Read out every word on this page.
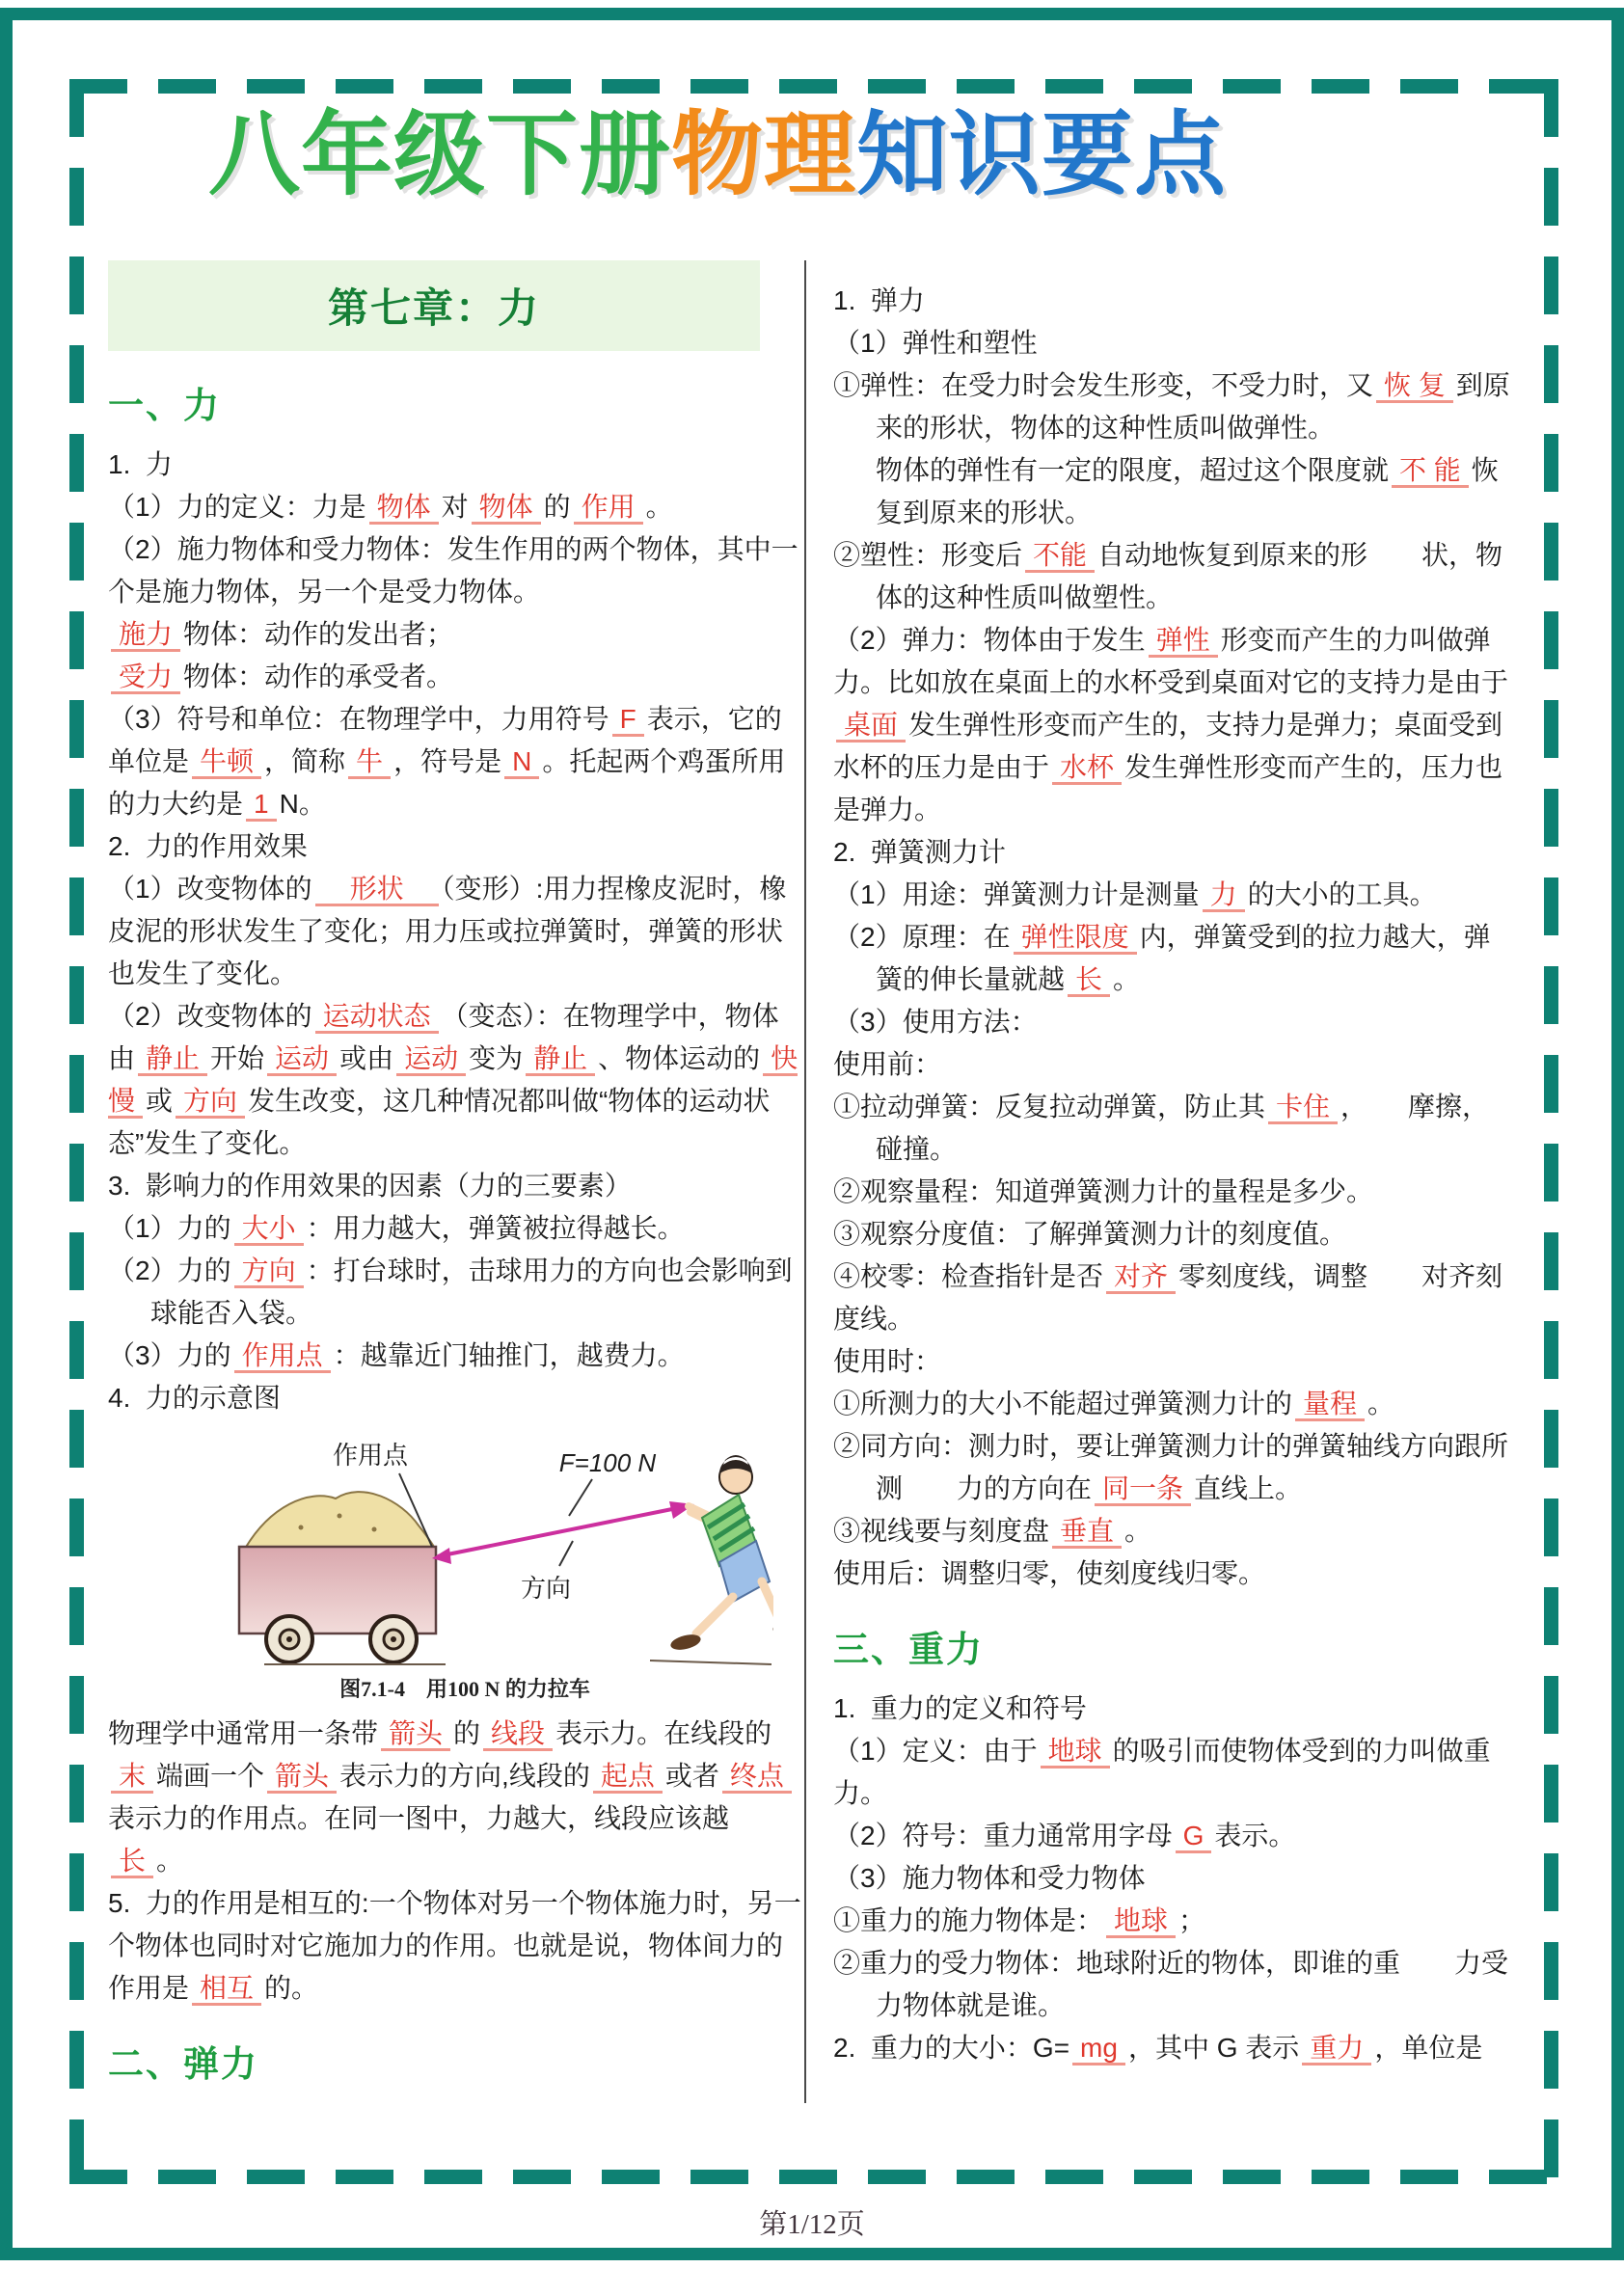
八年级下册物理知识要点
第七章：力
一、力

1.  力

（1）力的定义：力是 物体 对 物体 的 作用 。

（2）施力物体和受力物体：发生作用的两个物体，其中一个是施力物体，另一个是受力物体。

施力 物体：动作的发出者；

受力 物体：动作的承受者。

（3）符号和单位：在物理学中，力用符号 F 表示，它的单位是 牛顿 ，简称 牛 ，符号是 N 。托起两个鸡蛋所用的力大约是 1 N。

2.  力的作用效果

（1）改变物体的　形状　（变形）:用力捏橡皮泥时，橡皮泥的形状发生了变化；用力压或拉弹簧时，弹簧的形状也发生了变化。

（2）改变物体的 运动状态 （变态）：在物理学中，物体由 静止 开始 运动 或由 运动 变为 静止 、物体运动的 快慢 或 方向 发生改变，这几种情况都叫做“物体的运动状态”发生了变化。

3.  影响力的作用效果的因素（力的三要素）

（1）力的 大小 ：用力越大，弹簧被拉得越长。

（2）力的 方向 ：打台球时，击球用力的方向也会影响到球能否入袋。

（3）力的 作用点 ：越靠近门轴推门，越费力。

4.  力的示意图

作用点	F=100 N
方向
图7.1-4　用100 N 的力拉车

物理学中通常用一条带 箭头 的 线段 表示力。在线段的末 端画一个 箭头 表示力的方向,线段的 起点 或者 终点表示力的作用点。在同一图中，力越大，线段应该越长 。

5.  力的作用是相互的:一个物体对另一个物体施力时，另一个物体也同时对它施加力的作用。也就是说，物体间力的作用是 相互 的。

二、弹力

1.  弹力

（1）弹性和塑性

①弹性：在受力时会发生形变，不受力时，又 恢 复 到原来的形状，物体的这种性质叫做弹性。
物体的弹性有一定的限度，超过这个限度就 不 能 恢复到原来的形状。

②塑性：形变后 不能 自动地恢复到原来的形　　状，物体的这种性质叫做塑性。

（2）弹力：物体由于发生 弹性 形变而产生的力叫做弹力。比如放在桌面上的水杯受到桌面对它的支持力是由于桌面 发生弹性形变而产生的，支持力是弹力；桌面受到水杯的压力是由于 水杯 发生弹性形变而产生的，压力也是弹力。

2.  弹簧测力计

（1）用途：弹簧测力计是测量 力 的大小的工具。

（2）原理：在 弹性限度 内，弹簧受到的拉力越大，弹簧的伸长量就越 长 。

（3）使用方法：

使用前：

①拉动弹簧：反复拉动弹簧，防止其 卡住 ，　　摩擦，碰撞。

②观察量程：知道弹簧测力计的量程是多少。

③观察分度值：了解弹簧测力计的刻度值。

④校零：检查指针是否 对齐 零刻度线，调整　　对齐刻度线。

使用时：

①所测力的大小不能超过弹簧测力计的 量程 。

②同方向：测力时，要让弹簧测力计的弹簧轴线方向跟所测　　力的方向在 同一条 直线上。

③视线要与刻度盘 垂直 。

使用后：调整归零，使刻度线归零。

三、重力

1.  重力的定义和符号

（1）定义：由于 地球 的吸引而使物体受到的力叫做重力。

（2）符号：重力通常用字母 G 表示。

（3）施力物体和受力物体

①重力的施力物体是： 地球 ；

②重力的受力物体：地球附近的物体，即谁的重　　力受力物体就是谁。

2.  重力的大小：G= mg ，其中 G 表示 重力 ，单位是

第1/12页
